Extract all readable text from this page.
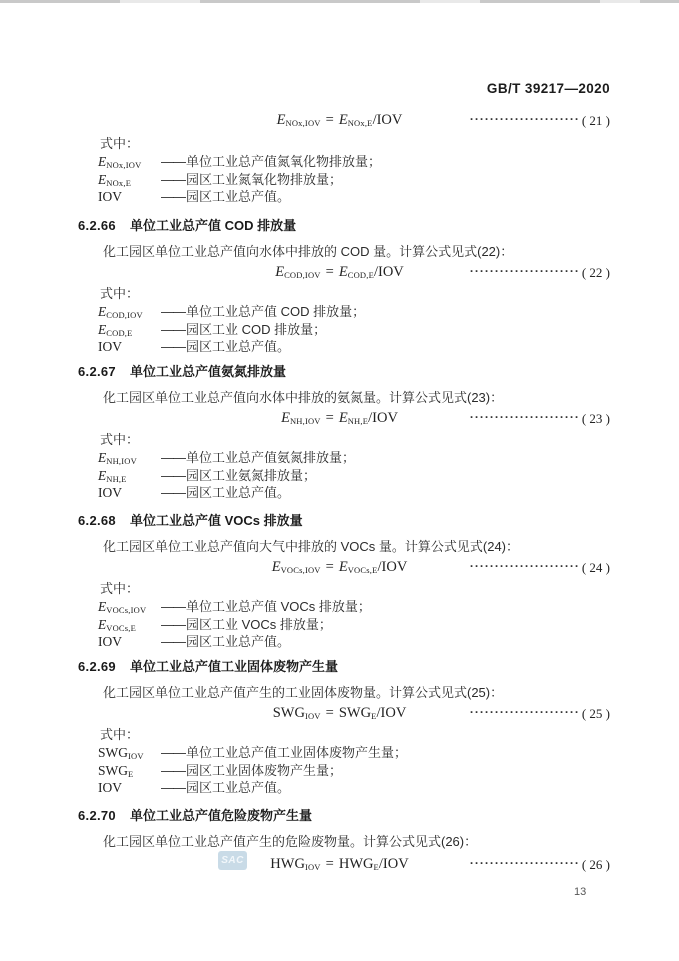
GB/T 39217—2020
$E_{NOx,IOV} = E_{NOx,E}/IOV$	······················ ( 21 )
式中：
$E_{NOx,IOV}$ ——单位工业总产值氮氧化物排放量；
$E_{NOx,E}$ ——园区工业氮氧化物排放量；
IOV	——园区工业总产值。
6.2.66 单位工业总产值 COD 排放量
化工园区单位工业总产值向水体中排放的 COD 量。计算公式见式(22)：
$E_{COD,IOV} = E_{COD,E}/IOV$	······················ ( 22 )
式中：
$E_{COD,IOV}$ ——单位工业总产值 COD 排放量；
$E_{COD,E}$ ——园区工业 COD 排放量；
IOV	——园区工业总产值。
6.2.67 单位工业总产值氨氮排放量
化工园区单位工业总产值向水体中排放的氨氮量。计算公式见式(23)：
$E_{NH,IOV} = E_{NH,E}/IOV$	······················ ( 23 )
式中：
$E_{NH,IOV}$ ——单位工业总产值氨氮排放量；
$E_{NH,E}$	——园区工业氨氮排放量；
IOV	——园区工业总产值。
6.2.68 单位工业总产值 VOCs 排放量
化工园区单位工业总产值向大气中排放的 VOCs 量。计算公式见式(24)：
$E_{VOCs,IOV} = E_{VOCs,E}/IOV$	······················ ( 24 )
式中：
$E_{VOCs,IOV}$ ——单位工业总产值 VOCs 排放量；
$E_{VOCs,E}$ ——园区工业 VOCs 排放量；
IOV	——园区工业总产值。
6.2.69 单位工业总产值工业固体废物产生量
化工园区单位工业总产值产生的工业固体废物量。计算公式见式(25)：
$SWG_{IOV} = SWG_E/IOV$	······················ ( 25 )
式中：
$SWG_{IOV}$ ——单位工业总产值工业固体废物产生量；
$SWG_E$ ——园区工业固体废物产生量；
IOV	——园区工业总产值。
6.2.70 单位工业总产值危险废物产生量
化工园区单位工业总产值产生的危险废物量。计算公式见式(26)：
$HWG_{IOV} = HWG_E/IOV$	······················ ( 26 )
SAC
13
